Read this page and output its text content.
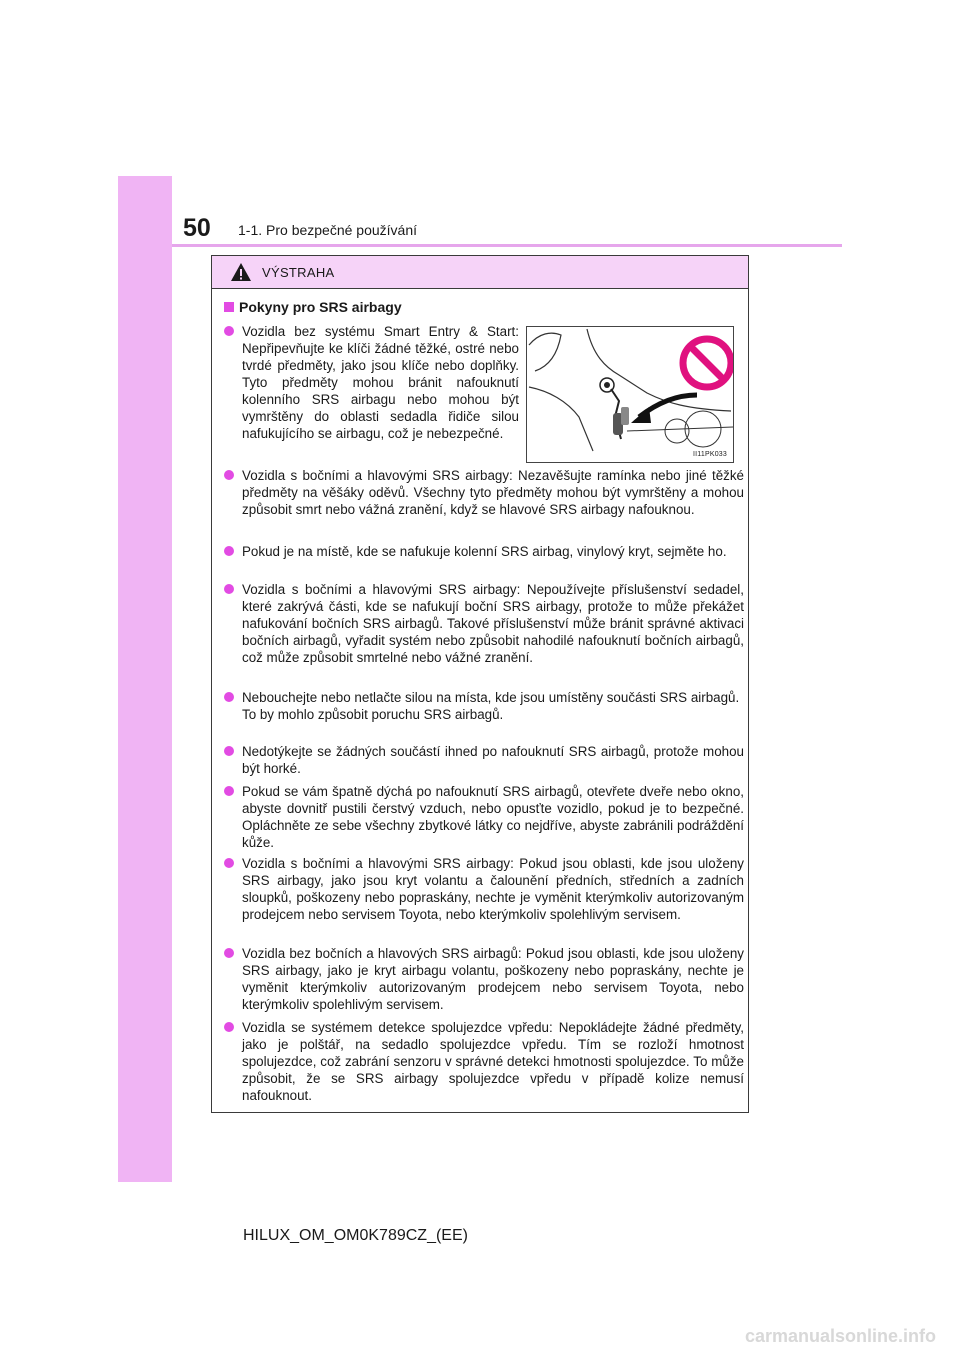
50 1-1. Pro bezpečné používání
VÝSTRAHA
Pokyny pro SRS airbagy
Vozidla bez systému Smart Entry & Start: Nepřipevňujte ke klíči žádné těžké, ostré nebo tvrdé předměty, jako jsou klíče nebo doplňky. Tyto předměty mohou bránit nafouknutí kolenního SRS airbagu nebo mohou být vymrštěny do oblasti sedadla řidiče silou nafukujícího se airbagu, což je nebezpečné.
II11PK033
Vozidla s bočními a hlavovými SRS airbagy: Nezavěšujte ramínka nebo jiné těžké předměty na věšáky oděvů. Všechny tyto předměty mohou být vymrštěny a mohou způsobit smrt nebo vážná zranění, když se hlavové SRS airbagy nafouknou.
Pokud je na místě, kde se nafukuje kolenní SRS airbag, vinylový kryt, sejměte ho.
Vozidla s bočními a hlavovými SRS airbagy: Nepoužívejte příslušenství sedadel, které zakrývá části, kde se nafukují boční SRS airbagy, protože to může překážet nafukování bočních SRS airbagů. Takové příslušenství může bránit správné aktivaci bočních airbagů, vyřadit systém nebo způsobit nahodilé nafouknutí bočních airbagů, což může způsobit smrtelné nebo vážné zranění.
Nebouchejte nebo netlačte silou na místa, kde jsou umístěny součásti SRS airbagů.
To by mohlo způsobit poruchu SRS airbagů.
Nedotýkejte se žádných součástí ihned po nafouknutí SRS airbagů, protože mohou být horké.
Pokud se vám špatně dýchá po nafouknutí SRS airbagů, otevřete dveře nebo okno, abyste dovnitř pustili čerstvý vzduch, nebo opusťte vozidlo, pokud je to bezpečné. Opláchněte ze sebe všechny zbytkové látky co nejdříve, abyste zabránili podráždění kůže.
Vozidla s bočními a hlavovými SRS airbagy: Pokud jsou oblasti, kde jsou uloženy SRS airbagy, jako jsou kryt volantu a čalounění předních, středních a zadních sloupků, poškozeny nebo popraskány, nechte je vyměnit kterýmkoliv autorizovaným prodejcem nebo servisem Toyota, nebo kterýmkoliv spolehlivým servisem.
Vozidla bez bočních a hlavových SRS airbagů: Pokud jsou oblasti, kde jsou uloženy SRS airbagy, jako je kryt airbagu volantu, poškozeny nebo popraskány, nechte je vyměnit kterýmkoliv autorizovaným prodejcem nebo servisem Toyota, nebo kterýmkoliv spolehlivým servisem.
Vozidla se systémem detekce spolujezdce vpředu: Nepokládejte žádné předměty, jako je polštář, na sedadlo spolujezdce vpředu. Tím se rozloží hmotnost spolujezdce, což zabrání senzoru v správné detekci hmotnosti spolujezdce. To může způsobit, že se SRS airbagy spolujezdce vpředu v případě kolize nemusí nafouknout.
HILUX_OM_OM0K789CZ_(EE)
carmanualsonline.info
